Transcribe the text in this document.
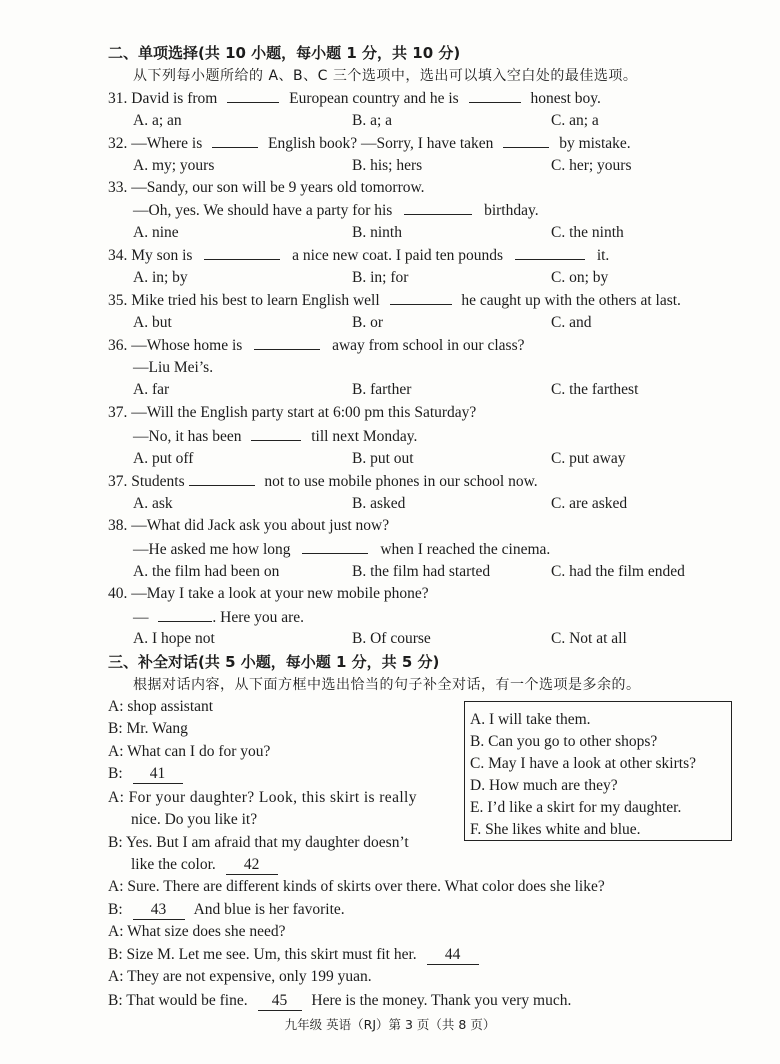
二、单项选择(共 10 小题，每小题 1 分，共 10 分)
从下列每小题所给的 A、B、C 三个选项中，选出可以填入空白处的最佳选项。
31. David is from	European country and he is	honest boy.
A. a; an	B. a; a	C. an; a
32. —Where is	English book? —Sorry, I have taken	by mistake.
A. my; yours	B. his; hers	C. her; yours
33. —Sandy, our son will be 9 years old tomorrow.
—Oh, yes. We should have a party for his	birthday.
A. nine	B. ninth	C. the ninth
34. My son is	a nice new coat. I paid ten pounds	it.
A. in; by	B. in; for	C. on; by
35. Mike tried his best to learn English well	he caught up with the others at last.
A. but	B. or	C. and
36. —Whose home is	away from school in our class?
—Liu Mei’s.
A. far	B. farther	C. the farthest
37. —Will the English party start at 6:00 pm this Saturday?
—No, it has been	till next Monday.
A. put off	B. put out	C. put away
37. Students	not to use mobile phones in our school now.
A. ask	B. asked	C. are asked
38. —What did Jack ask you about just now?
—He asked me how long	when I reached the cinema.
A. the film had been on	B. the film had started	C. had the film ended
40. —May I take a look at your new mobile phone?
—	. Here you are.
A. I hope not	B. Of course	C. Not at all
三、补全对话(共 5 小题，每小题 1 分，共 5 分)
根据对话内容，从下面方框中选出恰当的句子补全对话，有一个选项是多余的。
A: shop assistant
B: Mr. Wang
A: What can I do for you?
B: 41
A: For your daughter? Look, this skirt is really
nice. Do you like it?
B: Yes. But I am afraid that my daughter doesn’t
like the color. 42
A: Sure. There are different kinds of skirts over there. What color does she like?
B: 43 And blue is her favorite.
A: What size does she need?
B: Size M. Let me see. Um, this skirt must fit her. 44
A: They are not expensive, only 199 yuan.
B: That would be fine. 45 Here is the money. Thank you very much.
A. I will take them.
B. Can you go to other shops?
C. May I have a look at other skirts?
D. How much are they?
E. I’d like a skirt for my daughter.
F. She likes white and blue.
九年级 英语（RJ）第 3 页（共 8 页）
